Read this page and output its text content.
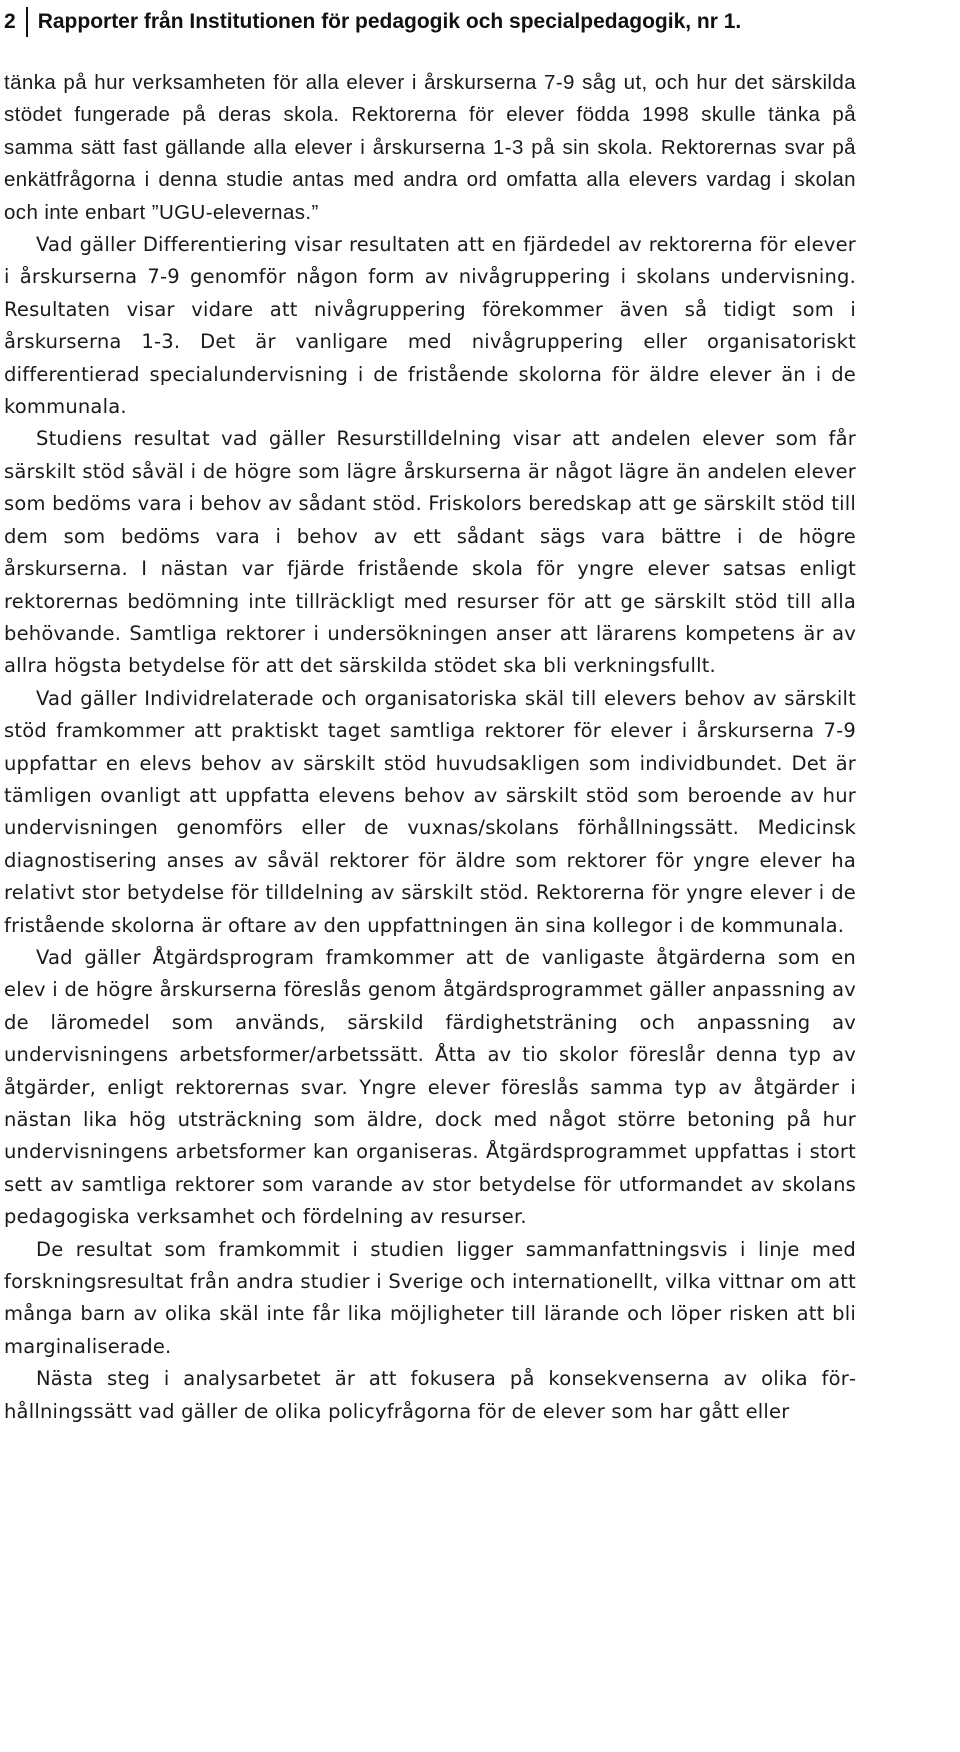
2 Rapporter från Institutionen för pedagogik och specialpedagogik, nr 1.

tänka på hur verksamheten för alla elever i årskurserna 7-9 såg ut, och hur det särskilda stödet fungerade på deras skola. Rektorerna för elever födda 1998 skulle tänka på samma sätt fast gällande alla elever i årskurserna 1-3 på sin skola. Rektorernas svar på enkätfrågorna i denna studie antas med andra ord omfatta alla elevers vardag i skolan och inte enbart ”UGU-elevernas.”

Vad gäller Differentiering visar resultaten att en fjärdedel av rektorerna för elever i årskurserna 7-9 genomför någon form av nivågruppering i skolans undervisning. Resultaten visar vidare att nivågruppering förekommer även så tidigt som i årskurserna 1-3. Det är vanligare med nivågruppering eller organisatoriskt differentierad specialundervisning i de fristående skolorna för äldre elever än i de kommunala.

Studiens resultat vad gäller Resurstilldelning visar att andelen elever som får särskilt stöd såväl i de högre som lägre årskurserna är något lägre än andelen elever som bedöms vara i behov av sådant stöd. Friskolors beredskap att ge särskilt stöd till dem som bedöms vara i behov av ett sådant sägs vara bättre i de högre årskurserna. I nästan var fjärde fristående skola för yngre elever satsas enligt rektorernas bedömning inte tillräckligt med resurser för att ge särskilt stöd till alla behövande. Samtliga rektorer i undersökningen anser att lärarens kompetens är av allra högsta betydelse för att det särskilda stödet ska bli verkningsfullt.

Vad gäller Individrelaterade och organisatoriska skäl till elevers behov av särskilt stöd framkommer att praktiskt taget samtliga rektorer för elever i årskurserna 7-9 uppfattar en elevs behov av särskilt stöd huvudsakligen som individbundet. Det är tämligen ovanligt att uppfatta elevens behov av särskilt stöd som beroende av hur undervisningen genomförs eller de vuxnas/skolans förhållningssätt. Medicinsk diagnostisering anses av såväl rektorer för äldre som rektorer för yngre elever ha relativt stor betydelse för tilldelning av särskilt stöd. Rektorerna för yngre elever i de fristående skolorna är oftare av den uppfattningen än sina kollegor i de kommunala.

Vad gäller Åtgärdsprogram framkommer att de vanligaste åtgärderna som en elev i de högre årskurserna föreslås genom åtgärdsprogrammet gäller anpassning av de läromedel som används, särskild färdighetsträning och anpassning av undervisningens arbetsformer/arbetssätt. Åtta av tio skolor föreslår denna typ av åtgärder, enligt rektorernas svar. Yngre elever föreslås samma typ av åtgärder i nästan lika hög utsträckning som äldre, dock med något större betoning på hur undervisningens arbetsformer kan organiseras. Åtgärdsprogrammet uppfattas i stort sett av samtliga rektorer som varande av stor betydelse för utformandet av skolans pedagogiska verksamhet och fördelning av resurser.

De resultat som framkommit i studien ligger sammanfattningsvis i linje med forskningsresultat från andra studier i Sverige och internationellt, vilka vittnar om att många barn av olika skäl inte får lika möjligheter till lärande och löper risken att bli marginaliserade.

Nästa steg i analysarbetet är att fokusera på konsekvenserna av olika förhållningssätt vad gäller de olika policyfrågorna för de elever som har gått eller
